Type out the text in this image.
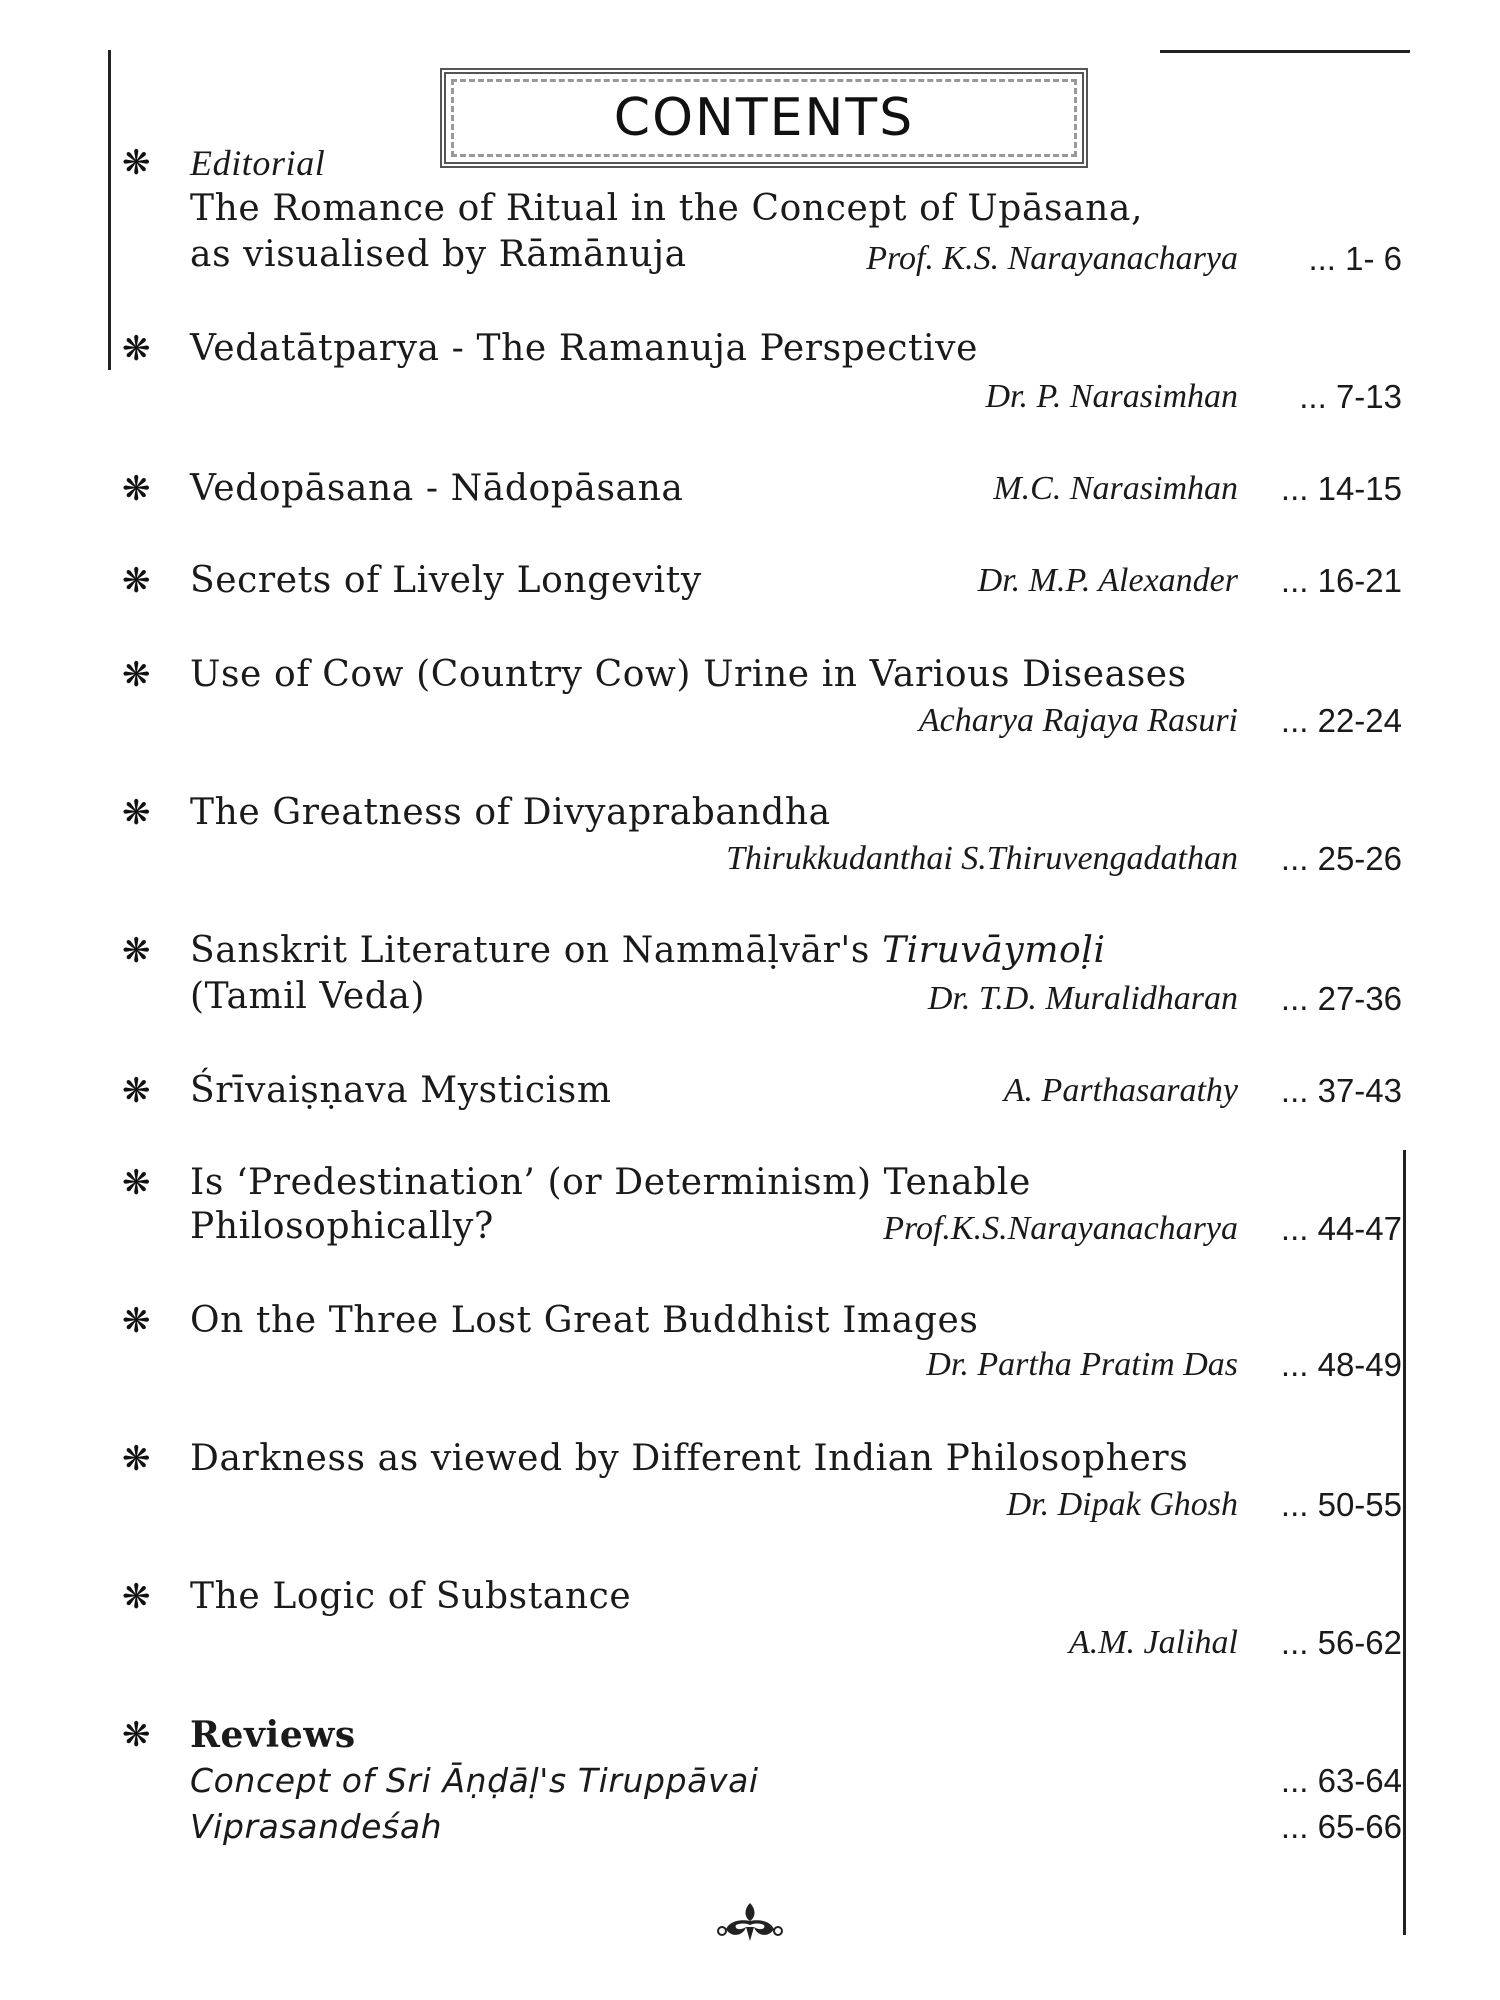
CONTENTS
❋ Editorial
The Romance of Ritual in the Concept of Upāsana,
as visualised by Rāmānuja	Prof. K.S. Narayanacharya	... 1- 6
❋ Vedatātparya - The Ramanuja Perspective
Dr. P. Narasimhan	... 7-13
❋ Vedopāsana - Nādopāsana	M.C. Narasimhan	... 14-15
❋ Secrets of Lively Longevity	Dr. M.P. Alexander	... 16-21
❋ Use of Cow (Country Cow) Urine in Various Diseases
Acharya Rajaya Rasuri	... 22-24
❋ The Greatness of Divyaprabandha
Thirukkudanthai S.Thiruvengadathan	... 25-26
❋ Sanskrit Literature on Nammāḷvār's Tiruvāymoḷi
(Tamil Veda)	Dr. T.D. Muralidharan	... 27-36
❋ Śrīvaiṣṇava Mysticism	A. Parthasarathy	... 37-43
❋ Is ‘Predestination’ (or Determinism) Tenable
Philosophically?	Prof.K.S.Narayanacharya	... 44-47
❋ On the Three Lost Great Buddhist Images
Dr. Partha Pratim Das	... 48-49
❋ Darkness as viewed by Different Indian Philosophers
Dr. Dipak Ghosh	... 50-55
❋ The Logic of Substance
A.M. Jalihal	... 56-62
❋ Reviews
Concept of Sri Āṇḍāḷ's Tiruppāvai	... 63-64
Viprasandeśah	... 65-66
